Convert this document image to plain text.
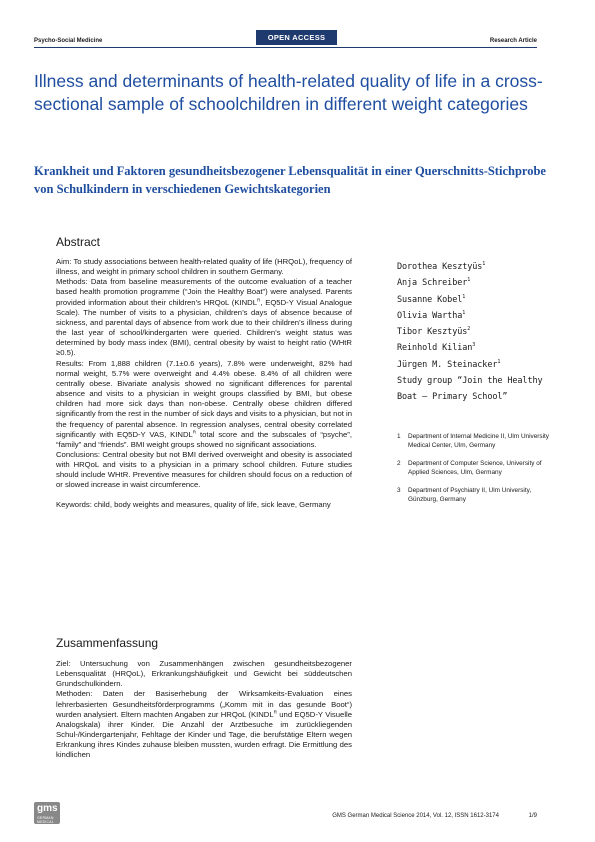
Psycho-Social Medicine	OPEN ACCESS	Research Article
Illness and determinants of health-related quality of life in a cross-sectional sample of schoolchildren in different weight categories
Krankheit und Faktoren gesundheitsbezogener Lebensqualität in einer Querschnitts-Stichprobe von Schulkindern in verschiedenen Gewichtskategorien
Abstract

Aim: To study associations between health-related quality of life (HRQoL), frequency of illness, and weight in primary school children in southern Germany.

Methods: Data from baseline measurements of the outcome evaluation of a teacher based health promotion programme (“Join the Healthy Boat”) were analysed. Parents provided information about their children’s HRQoL ($KINDL^R$, EQ5D-Y Visual Analogue Scale). The number of visits to a physician, children’s days of absence because of sickness, and parental days of absence from work due to their children’s illness during the last year of school/kindergarten were queried. Children’s weight status was determined by body mass index (BMI), central obesity by waist to height ratio (WHtR ≥0.5).

Results: From 1,888 children (7.1±0.6 years), 7.8% were underweight, 82% had normal weight, 5.7% were overweight and 4.4% obese. 8.4% of all children were centrally obese. Bivariate analysis showed no significant differences for parental absence and visits to a physician in weight groups classified by BMI, but obese children had more sick days than non-obese. Centrally obese children differed significantly from the rest in the number of sick days and visits to a physician, but not in the frequency of parental absence. In regression analyses, central obesity correlated significantly with EQ5D-Y VAS, $KINDL^R$ total score and the subscales of “psyche”, “family” and “friends”. BMI weight groups showed no significant associations.

Conclusions: Central obesity but not BMI derived overweight and obesity is associated with HRQoL and visits to a physician in a primary school children. Future studies should include WHtR. Preventive measures for children should focus on a reduction of or slowed increase in waist circumference.

Keywords: child, body weights and measures, quality of life, sick leave, Germany

Zusammenfassung

Ziel: Untersuchung von Zusammenhängen zwischen gesundheitsbezogener Lebensqualität (HRQoL), Erkrankungshäufigkeit und Gewicht bei süddeutschen Grundschulkindern.

Methoden: Daten der Basiserhebung der Wirksamkeits-Evaluation eines lehrerbasierten Gesundheitsförderprogramms („Komm mit in das gesunde Boot“) wurden analysiert. Eltern machten Angaben zur HRQoL ($KINDL^R$ und EQ5D-Y Visuelle Analogskala) ihrer Kinder. Die Anzahl der Arztbesuche im zurückliegenden Schul-/Kindergartenjahr, Fehltage der Kinder und Tage, die berufstätige Eltern wegen Erkrankung ihres Kindes zuhause bleiben mussten, wurden erfragt. Die Ermittlung des kindlichen

Dorothea Kesztyüs$^1$
Anja Schreiber$^1$
Susanne Kobel$^1$
Olivia Wartha$^1$
Tibor Kesztyüs$^2$
Reinhold Kilian$^3$
Jürgen M. Steinacker$^1$
Study group “Join the Healthy Boat – Primary School”
1 Department of Internal Medicine II, Ulm University Medical Center, Ulm, Germany
2 Department of Computer Science, University of Applied Sciences, Ulm, Germany
3 Department of Psychiatry II, Ulm University, Günzburg, Germany
gms
GERMAN MEDICAL SCIENCE
GMS German Medical Science 2014, Vol. 12, ISSN 1612-3174	1/9
